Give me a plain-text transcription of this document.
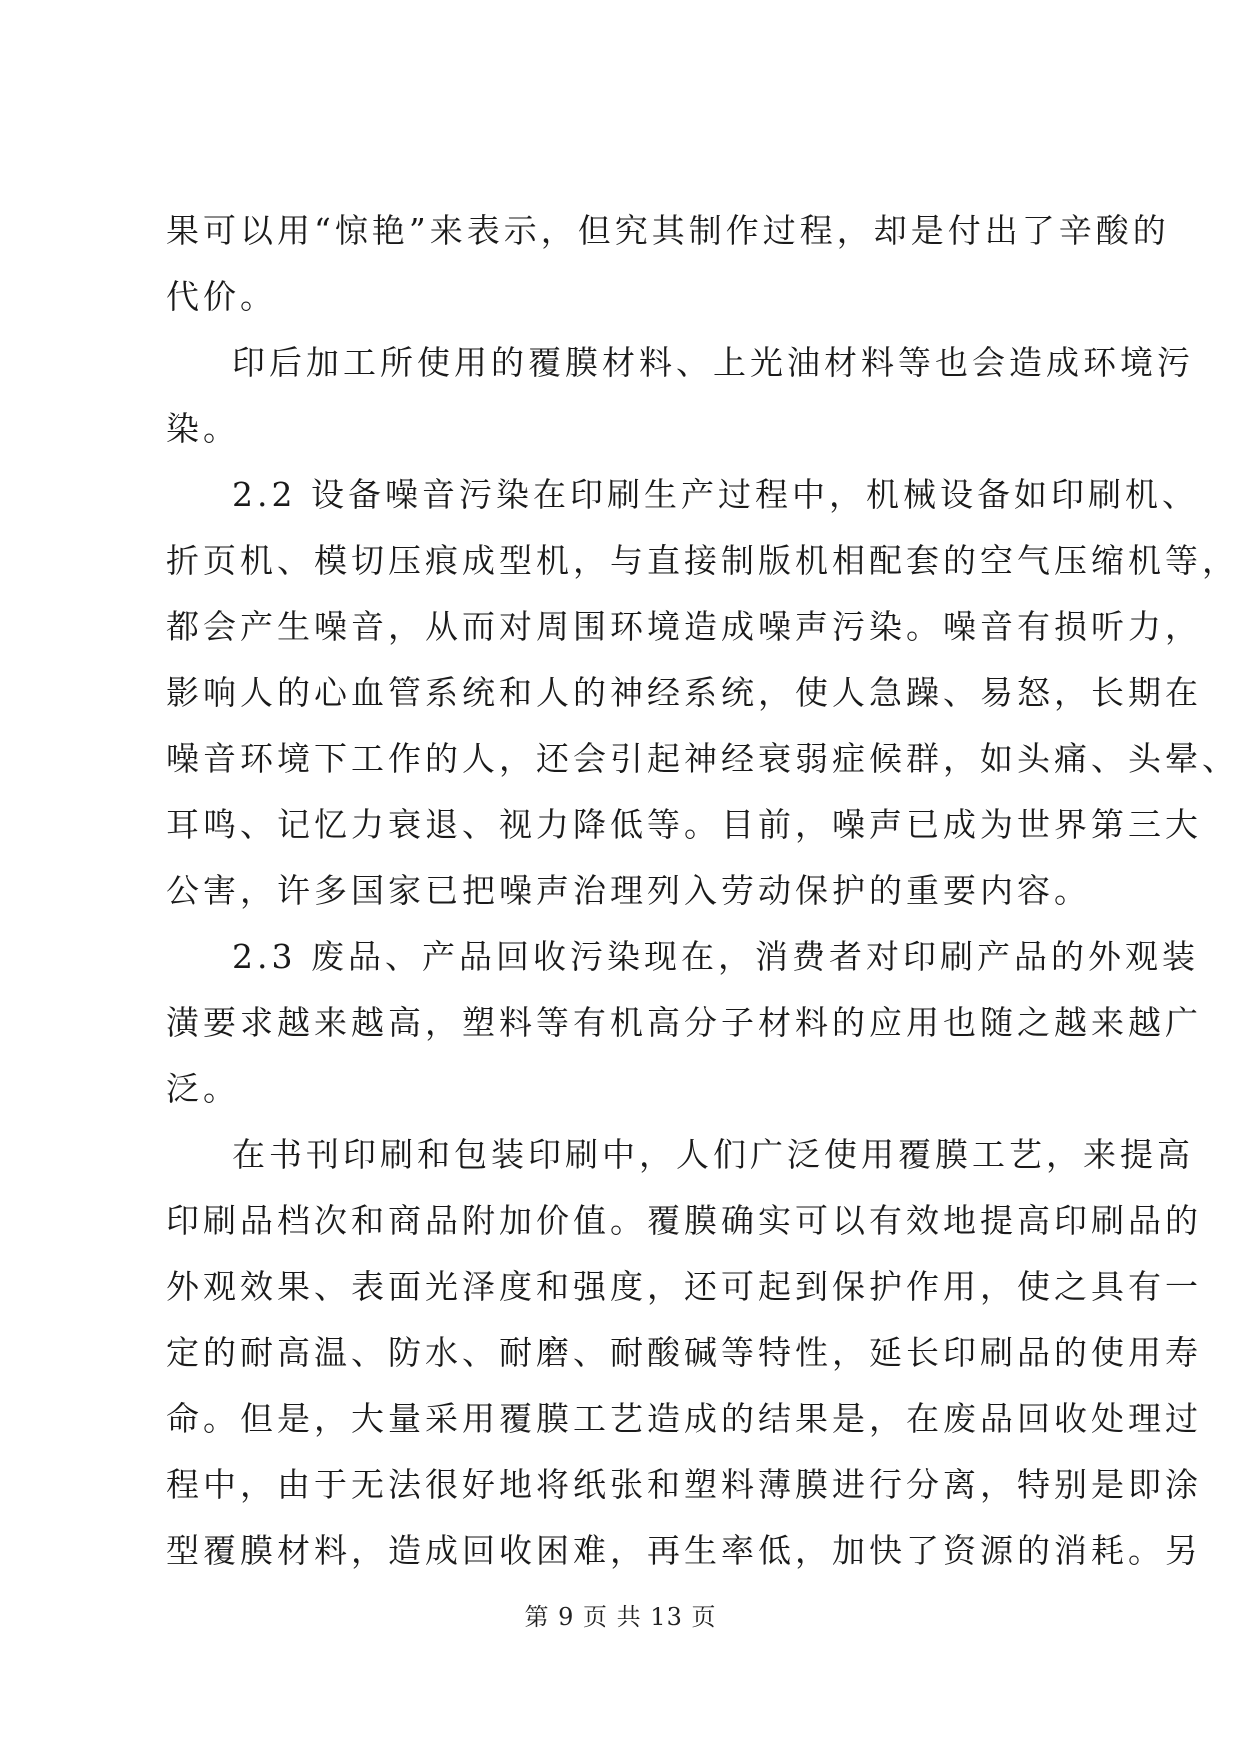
果可以用“惊艳”来表示，但究其制作过程，却是付出了辛酸的
代价。
印后加工所使用的覆膜材料、上光油材料等也会造成环境污
染。
2.2 设备噪音污染在印刷生产过程中，机械设备如印刷机、
折页机、模切压痕成型机，与直接制版机相配套的空气压缩机等，
都会产生噪音，从而对周围环境造成噪声污染。噪音有损听力，
影响人的心血管系统和人的神经系统，使人急躁、易怒，长期在
噪音环境下工作的人，还会引起神经衰弱症候群，如头痛、头晕、
耳鸣、记忆力衰退、视力降低等。目前，噪声已成为世界第三大
公害，许多国家已把噪声治理列入劳动保护的重要内容。
2.3 废品、产品回收污染现在，消费者对印刷产品的外观装
潢要求越来越高，塑料等有机高分子材料的应用也随之越来越广
泛。
在书刊印刷和包装印刷中，人们广泛使用覆膜工艺，来提高
印刷品档次和商品附加价值。覆膜确实可以有效地提高印刷品的
外观效果、表面光泽度和强度，还可起到保护作用，使之具有一
定的耐高温、防水、耐磨、耐酸碱等特性，延长印刷品的使用寿
命。但是，大量采用覆膜工艺造成的结果是，在废品回收处理过
程中，由于无法很好地将纸张和塑料薄膜进行分离，特别是即涂
型覆膜材料，造成回收困难，再生率低，加快了资源的消耗。另
第 9 页 共 13 页
